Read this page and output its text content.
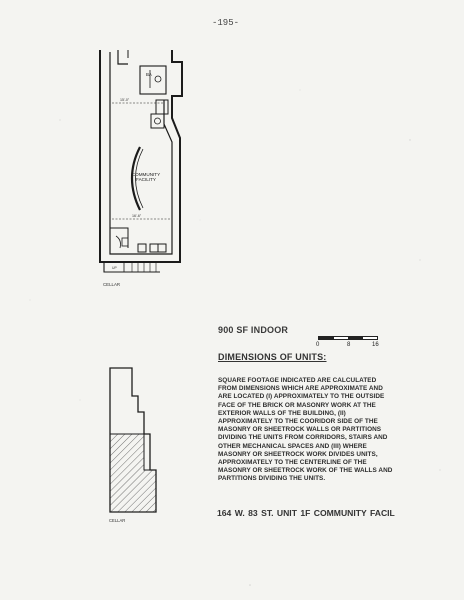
-195-
COMMUNITY
FACILITY
BA
15'-0"
16'-6"
UP
CELLAR
CELLAR
900 SF INDOOR
0	8	16
DIMENSIONS OF UNITS:
SQUARE FOOTAGE INDICATED ARE CALCULATED FROM DIMENSIONS WHICH ARE APPROXIMATE AND ARE LOCATED (I) APPROXIMATELY TO THE OUTSIDE FACE OF THE BRICK OR MASONRY WORK AT THE EXTERIOR WALLS OF THE BUILDING, (II) APPROXIMATELY TO THE COORIDOR SIDE OF THE MASONRY OR SHEETROCK WALLS OR PARTITIONS DIVIDING THE UNITS FROM CORRIDORS, STAIRS AND OTHER MECHANICAL SPACES AND (III) WHERE MASONRY OR SHEETROCK WORK DIVIDES UNITS, APPROXIMATELY TO THE CENTERLINE OF THE MASONRY OR SHEETROCK WORK OF THE WALLS AND PARTITIONS DIVIDING THE UNITS.
164 W. 83 ST. UNIT 1F COMMUNITY FACIL
